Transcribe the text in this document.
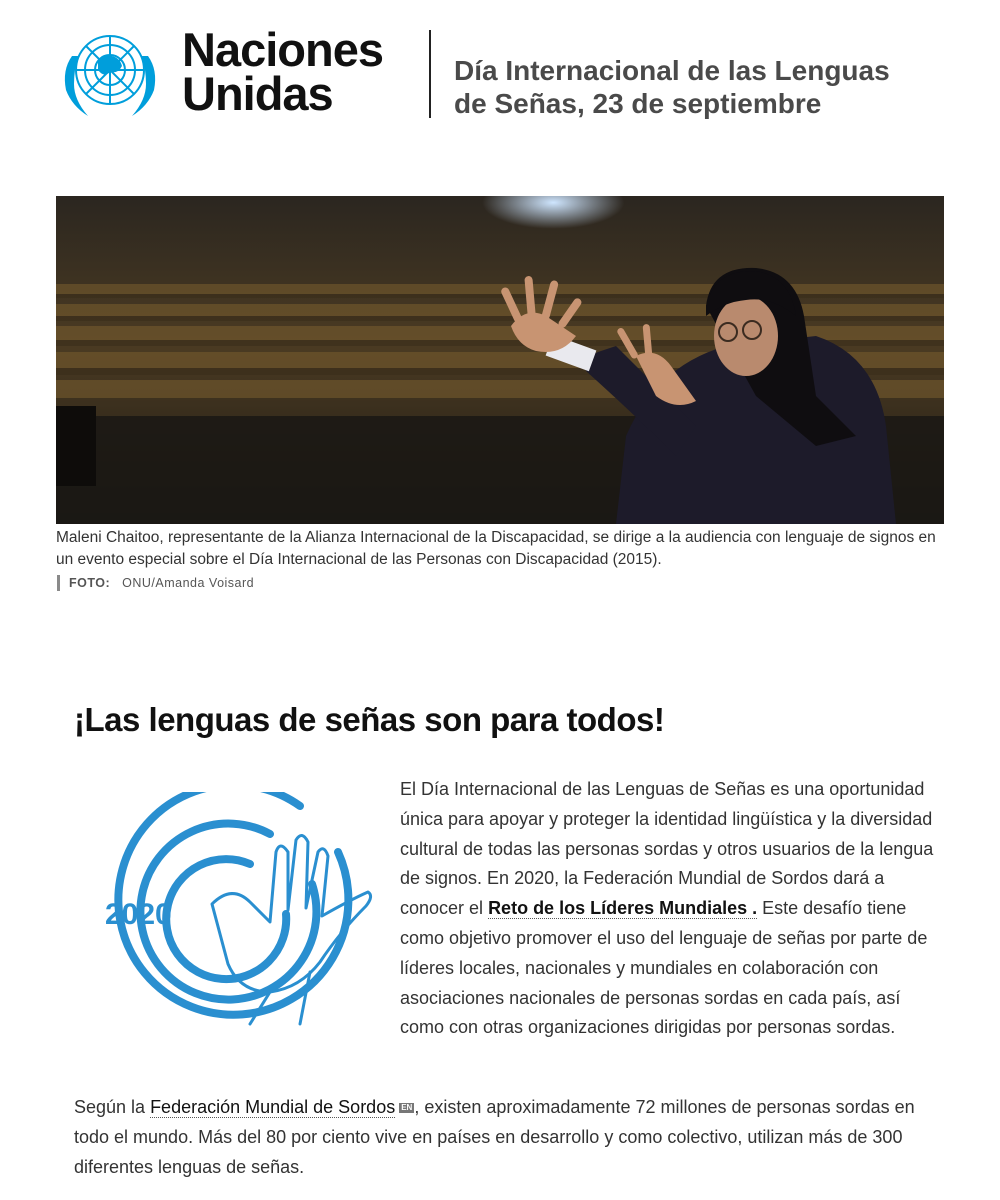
Naciones
Unidas	Día Internacional de las Lenguas
de Señas, 23 de septiembre
Maleni Chaitoo, representante de la Alianza Internacional de la Discapacidad, se dirige a la audiencia con lenguaje de signos en un evento especial sobre el Día Internacional de las Personas con Discapacidad (2015).
FOTO: ONU/Amanda Voisard
¡Las lenguas de señas son para todos!
2020

El Día Internacional de las Lenguas de Señas es una oportunidad única para apoyar y proteger la identidad lingüística y la diversidad cultural de todas las personas sordas y otros usuarios de la lengua de signos. En 2020, la Federación Mundial de Sordos dará a conocer el Reto de los Líderes Mundiales . Este desafío tiene como objetivo promover el uso del lenguaje de señas por parte de líderes locales, nacionales y mundiales en colaboración con asociaciones nacionales de personas sordas en cada país, así como con otras organizaciones dirigidas por personas sordas.

Según la Federación Mundial de Sordos EN , existen aproximadamente 72 millones de personas sordas en todo el mundo. Más del 80 por ciento vive en países en desarrollo y como colectivo, utilizan más de 300 diferentes lenguas de señas.
